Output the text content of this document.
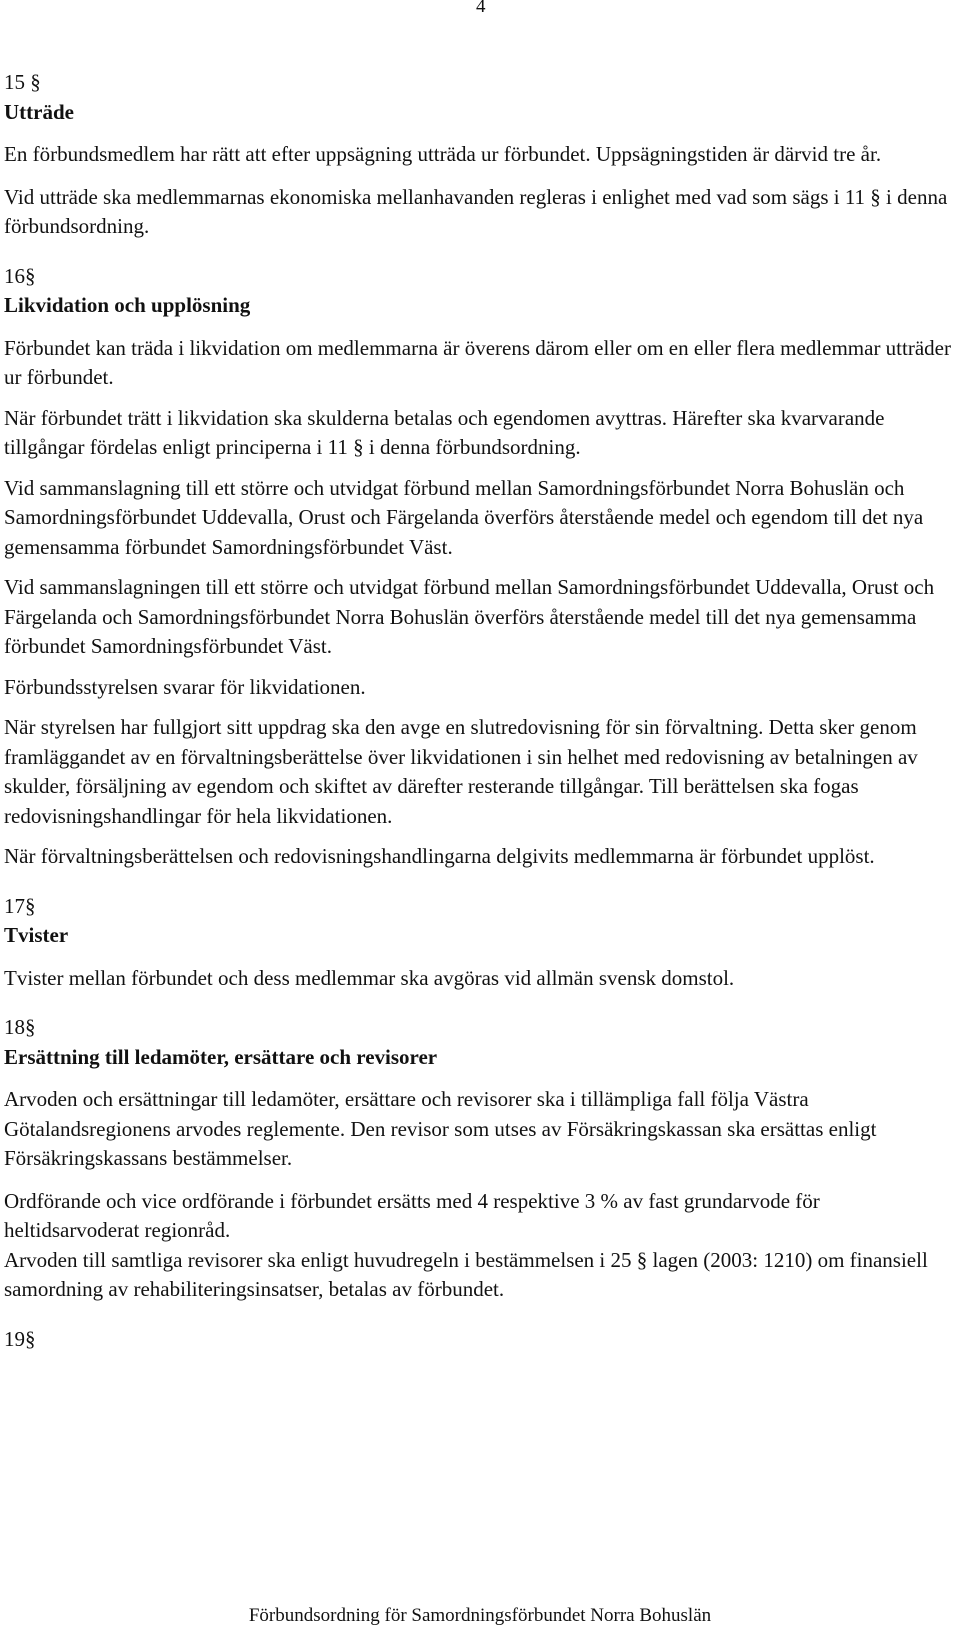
4

15 §

Utträde

En förbundsmedlem har rätt att efter uppsägning utträda ur förbundet. Uppsägningstiden är därvid tre år.

Vid utträde ska medlemmarnas ekonomiska mellanhavanden regleras i enlighet med vad som sägs i 11 § i denna förbundsordning.

16§

Likvidation och upplösning

Förbundet kan träda i likvidation om medlemmarna är överens därom eller om en eller flera medlemmar utträder ur förbundet.

När förbundet trätt i likvidation ska skulderna betalas och egendomen avyttras. Härefter ska kvarvarande tillgångar fördelas enligt principerna i 11 § i denna förbundsordning.

Vid sammanslagning till ett större och utvidgat förbund mellan Samordningsförbundet Norra Bohuslän och Samordningsförbundet Uddevalla, Orust och Färgelanda överförs återstående medel och egendom till det nya gemensamma förbundet Samordningsförbundet Väst.

Vid sammanslagningen till ett större och utvidgat förbund mellan Samordningsförbundet Uddevalla, Orust och Färgelanda och Samordningsförbundet Norra Bohuslän överförs återstående medel till det nya gemensamma förbundet Samordningsförbundet Väst.

Förbundsstyrelsen svarar för likvidationen.

När styrelsen har fullgjort sitt uppdrag ska den avge en slutredovisning för sin förvaltning. Detta sker genom framläggandet av en förvaltningsberättelse över likvidationen i sin helhet med redovisning av betalningen av skulder, försäljning av egendom och skiftet av därefter resterande tillgångar. Till berättelsen ska fogas redovisningshandlingar för hela likvidationen.

När förvaltningsberättelsen och redovisningshandlingarna delgivits medlemmarna är förbundet upplöst.

17§

Tvister

Tvister mellan förbundet och dess medlemmar ska avgöras vid allmän svensk domstol.

18§

Ersättning till ledamöter, ersättare och revisorer

Arvoden och ersättningar till ledamöter, ersättare och revisorer ska i tillämpliga fall följa Västra Götalandsregionens arvodes reglemente. Den revisor som utses av Försäkringskassan ska ersättas enligt Försäkringskassans bestämmelser.

Ordförande och vice ordförande i förbundet ersätts med 4 respektive 3 % av fast grundarvode för heltidsarvoderat regionråd.

Arvoden till samtliga revisorer ska enligt huvudregeln i bestämmelsen i 25 § lagen (2003: 1210) om finansiell samordning av rehabiliteringsinsatser, betalas av förbundet.

19§

Förbundsordning för Samordningsförbundet Norra Bohuslän
